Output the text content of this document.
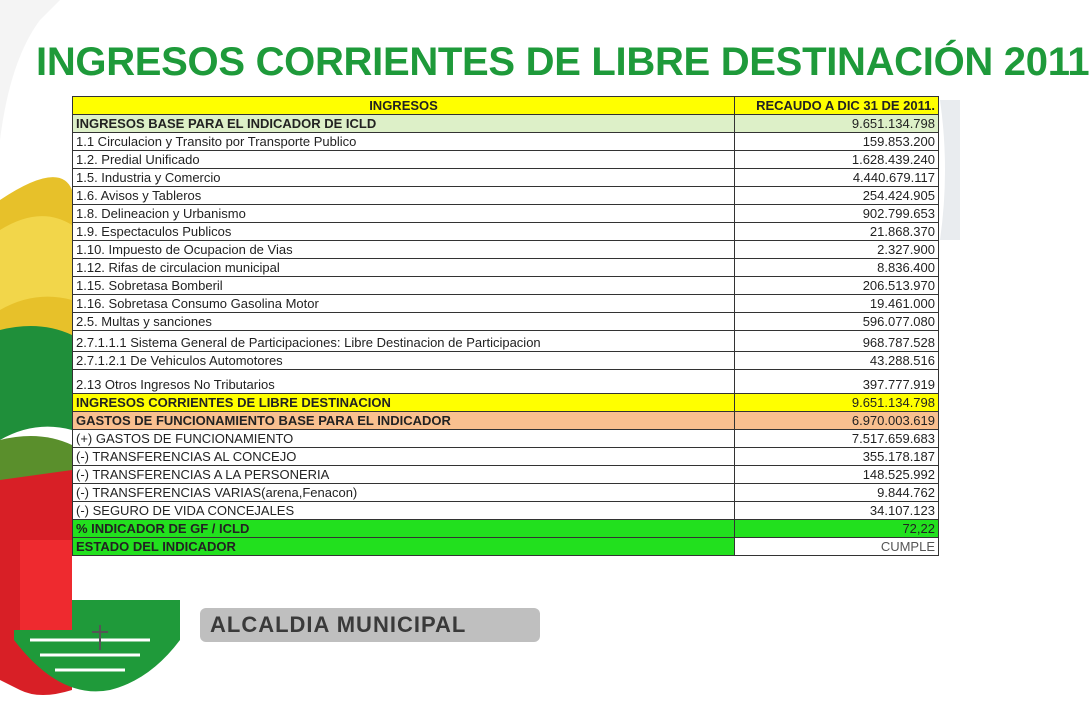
INGRESOS CORRIENTES DE LIBRE DESTINACIÓN 2011
ALCALDIA MUNICIPAL
INGRESOS	RECAUDO A DIC 31 DE 2011.
INGRESOS BASE PARA EL INDICADOR DE ICLD	9.651.134.798
1.1 Circulacion y Transito por Transporte Publico	159.853.200
1.2. Predial Unificado	1.628.439.240
1.5. Industria y Comercio	4.440.679.117
1.6. Avisos y Tableros	254.424.905
1.8. Delineacion y Urbanismo	902.799.653
1.9. Espectaculos Publicos	21.868.370
1.10. Impuesto de Ocupacion de Vias	2.327.900
1.12. Rifas de circulacion municipal	8.836.400
1.15. Sobretasa Bomberil	206.513.970
1.16. Sobretasa Consumo Gasolina Motor	19.461.000
2.5. Multas y sanciones	596.077.080
2.7.1.1.1 Sistema General de Participaciones: Libre Destinacion de Participacion	968.787.528
2.7.1.2.1 De Vehiculos Automotores	43.288.516
2.13 Otros Ingresos No Tributarios	397.777.919
INGRESOS CORRIENTES DE LIBRE DESTINACION	9.651.134.798
GASTOS DE FUNCIONAMIENTO BASE PARA EL INDICADOR	6.970.003.619
(+) GASTOS DE FUNCIONAMIENTO	7.517.659.683
(-) TRANSFERENCIAS AL CONCEJO	355.178.187
(-) TRANSFERENCIAS A LA PERSONERIA	148.525.992
(-) TRANSFERENCIAS VARIAS(arena,Fenacon)	9.844.762
(-) SEGURO DE VIDA CONCEJALES	34.107.123
% INDICADOR DE GF / ICLD	72,22
ESTADO DEL INDICADOR	CUMPLE
